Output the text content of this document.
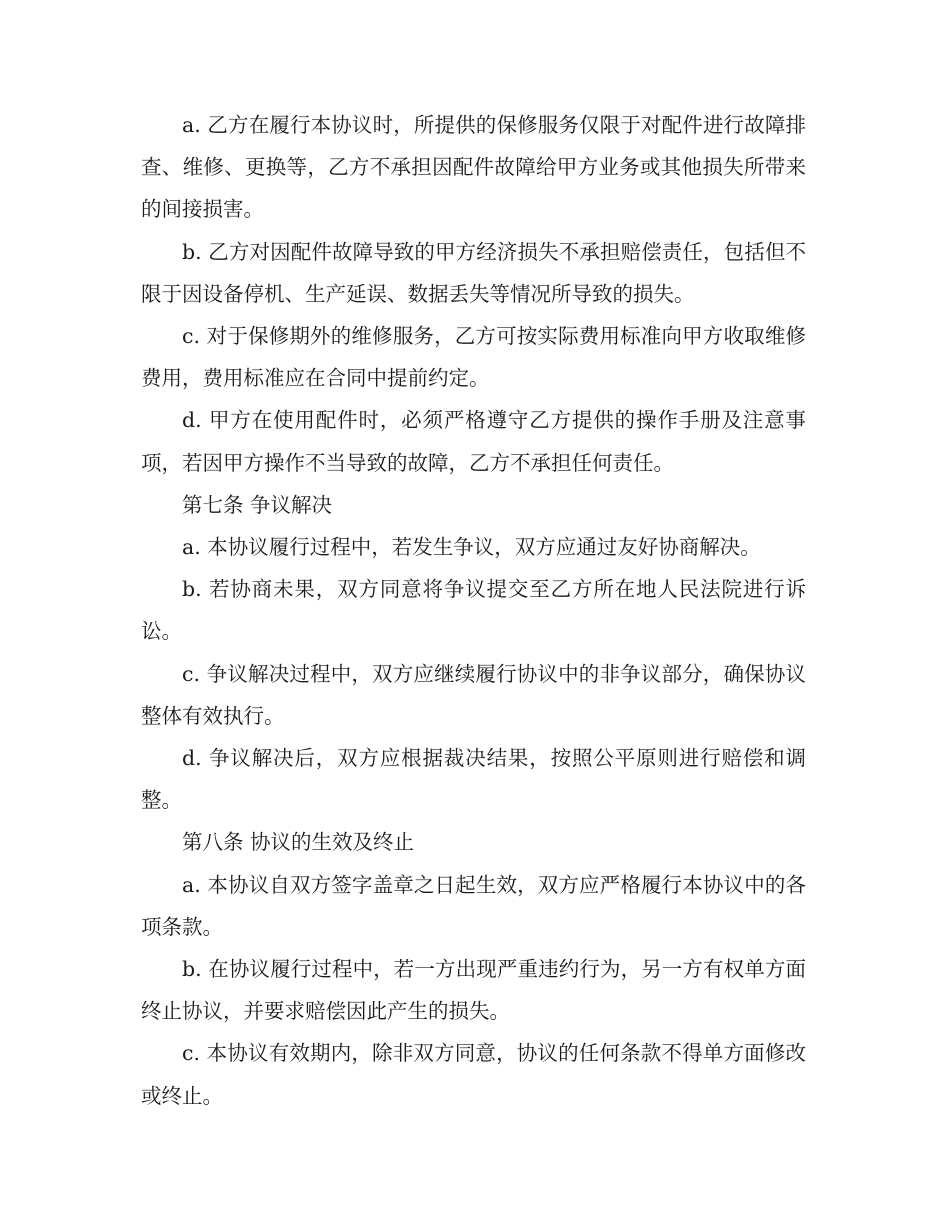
a. 乙方在履行本协议时，所提供的保修服务仅限于对配件进行故障排查、维修、更换等，乙方不承担因配件故障给甲方业务或其他损失所带来的间接损害。

b. 乙方对因配件故障导致的甲方经济损失不承担赔偿责任，包括但不限于因设备停机、生产延误、数据丢失等情况所导致的损失。

c. 对于保修期外的维修服务，乙方可按实际费用标准向甲方收取维修费用，费用标准应在合同中提前约定。

d. 甲方在使用配件时，必须严格遵守乙方提供的操作手册及注意事项，若因甲方操作不当导致的故障，乙方不承担任何责任。

第七条 争议解决

a. 本协议履行过程中，若发生争议，双方应通过友好协商解决。

b. 若协商未果，双方同意将争议提交至乙方所在地人民法院进行诉讼。

c. 争议解决过程中，双方应继续履行协议中的非争议部分，确保协议整体有效执行。

d. 争议解决后，双方应根据裁决结果，按照公平原则进行赔偿和调整。

第八条 协议的生效及终止

a. 本协议自双方签字盖章之日起生效，双方应严格履行本协议中的各项条款。

b. 在协议履行过程中，若一方出现严重违约行为，另一方有权单方面终止协议，并要求赔偿因此产生的损失。

c. 本协议有效期内，除非双方同意，协议的任何条款不得单方面修改或终止。
